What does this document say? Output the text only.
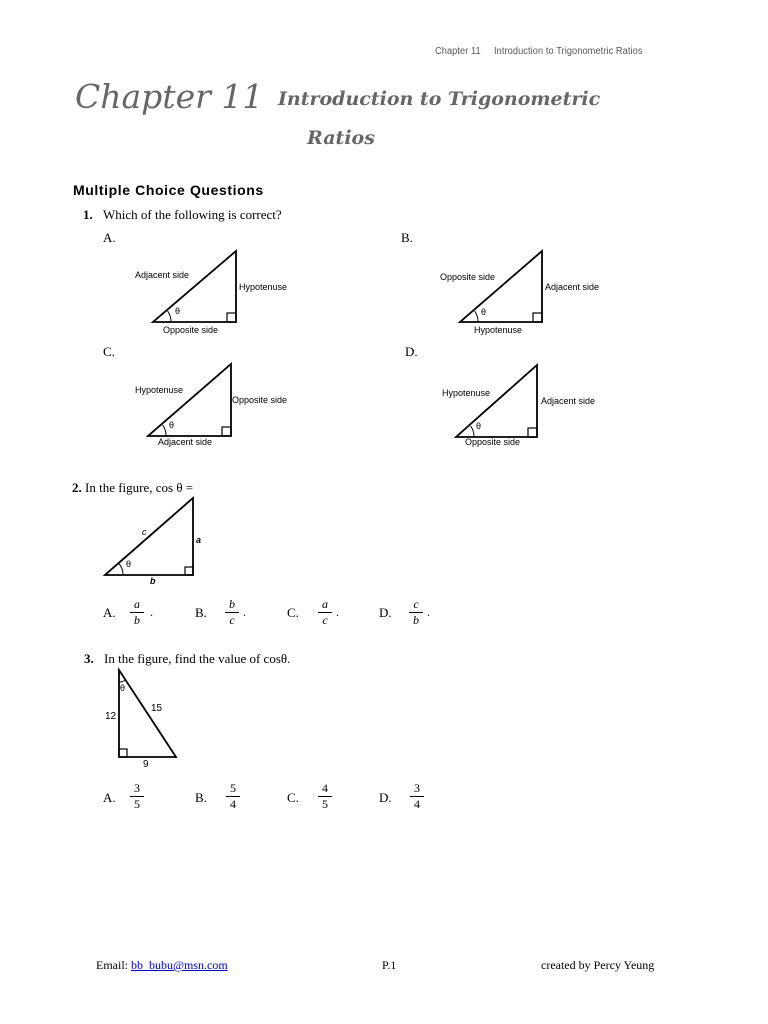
Chapter 11 Introduction to Trigonometric Ratios
Chapter 11 Introduction to Trigonometric
Ratios
Multiple Choice Questions
1. Which of the following is correct?
A.	B.
C.	D.
θ
Adjacent side
Hypotenuse
Opposite side
θ
Opposite side
Adjacent side
Hypotenuse
θ
Hypotenuse
Opposite side
Adjacent side
θ
Hypotenuse
Adjacent side
Opposite side
2. In the figure, cos θ =
θ
c
a
b
A.
a
b
.	B.
b
c
.	C.
a
c
.	D.
c
b
.
3. In the figure, find the value of cosθ.
θ
12
15
9
A.
3
5	B.
5
4	C.
4
5	D.
3
4
Email: bb_bubu@msn.com	P.1	created by Percy Yeung
